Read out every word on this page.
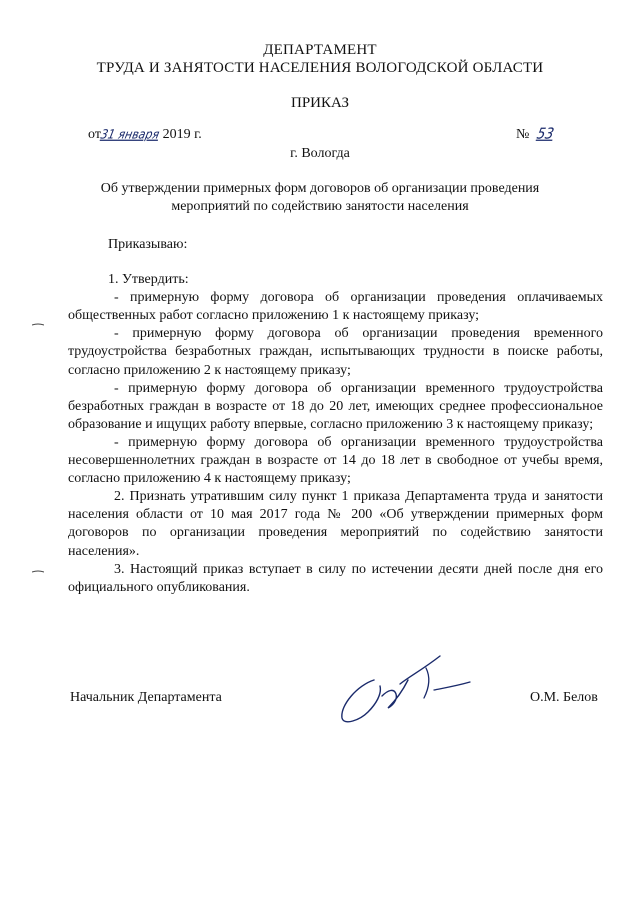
ДЕПАРТАМЕНТ
ТРУДА И ЗАНЯТОСТИ НАСЕЛЕНИЯ ВОЛОГОДСКОЙ ОБЛАСТИ
ПРИКАЗ
от31 января 2019 г.	№ 53
г. Вологда
Об утверждении примерных форм договоров об организации проведения
мероприятий по содействию занятости населения

Приказываю:

1. Утвердить:

- примерную форму договора об организации проведения оплачиваемых общественных работ согласно приложению 1 к настоящему приказу;

- примерную форму договора об организации проведения временного трудоустройства безработных граждан, испытывающих трудности в поиске работы, согласно приложению 2 к настоящему приказу;

- примерную форму договора об организации временного трудоустройства безработных граждан в возрасте от 18 до 20 лет, имеющих среднее профессиональное образование и ищущих работу впервые, согласно приложению 3 к настоящему приказу;

- примерную форму договора об организации временного трудоустройства несовершеннолетних граждан в возрасте от 14 до 18 лет в свободное от учебы время, согласно приложению 4 к настоящему приказу;

2. Признать утратившим силу пункт 1 приказа Департамента труда и занятости населения области от 10 мая 2017 года № 200 «Об утверждении примерных форм договоров по организации проведения мероприятий по содействию занятости населения».

3. Настоящий приказ вступает в силу по истечении десяти дней после дня его официального опубликования.

Начальник Департамента	О.М. Белов
